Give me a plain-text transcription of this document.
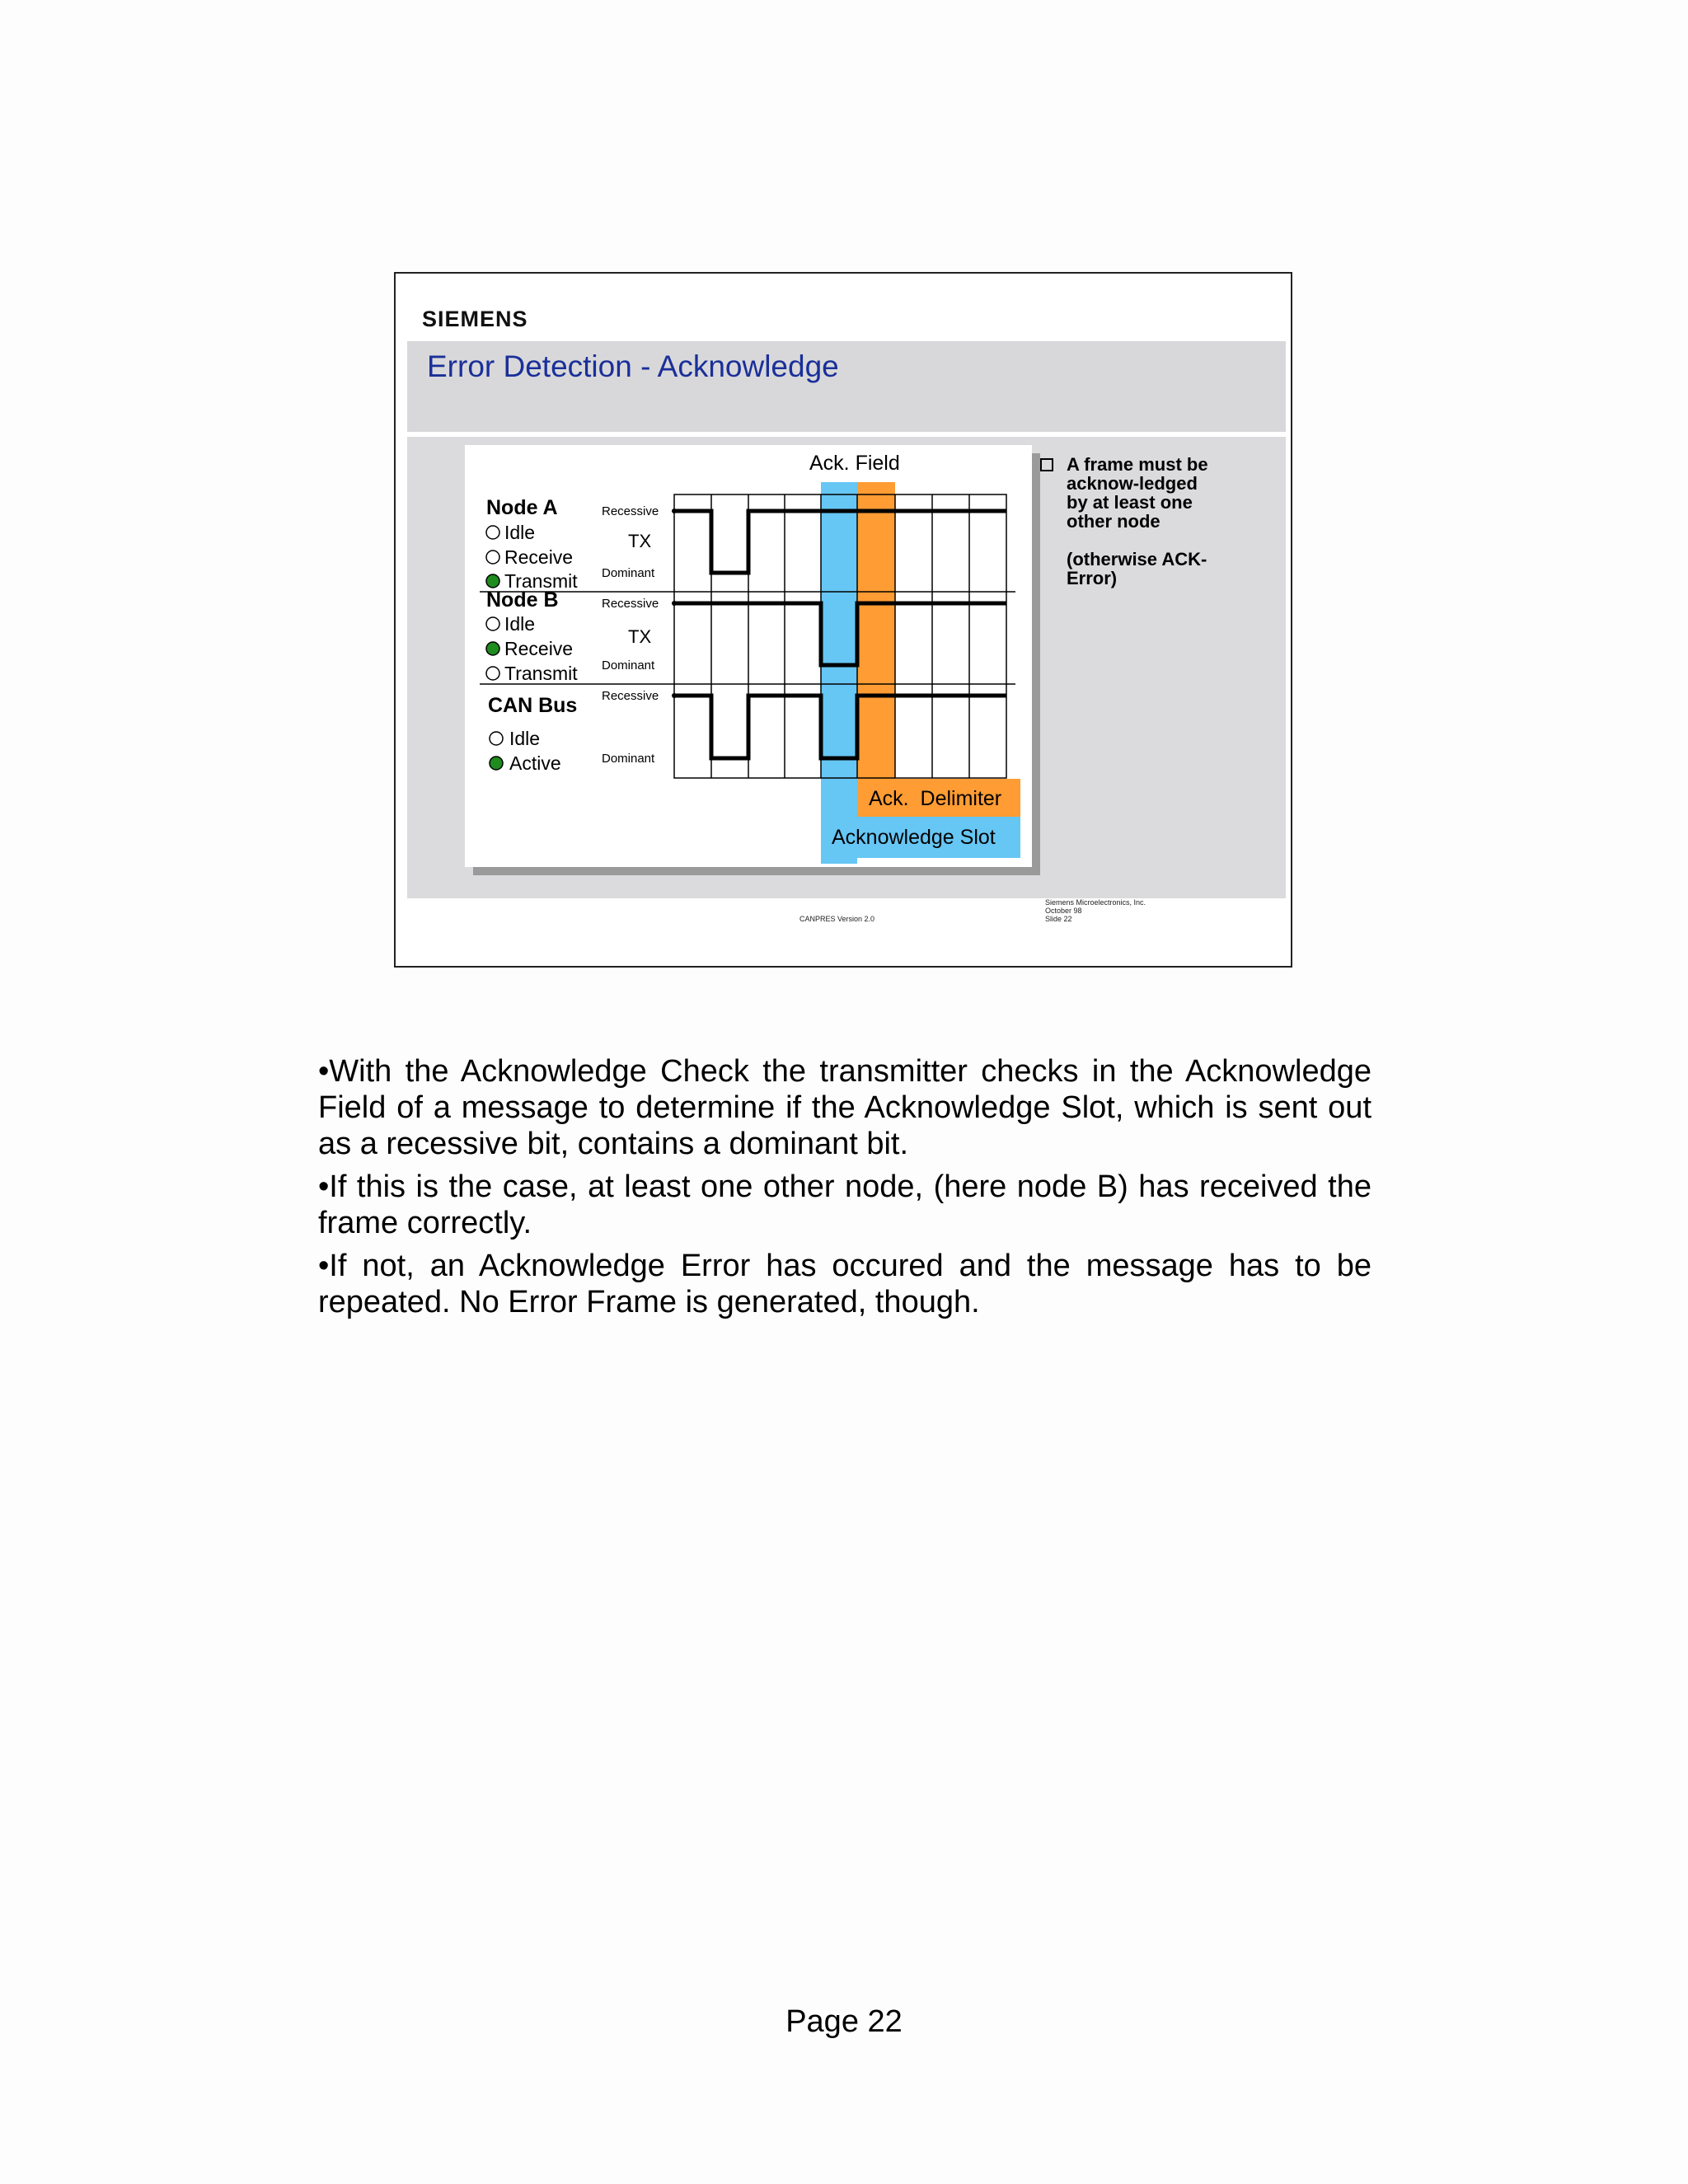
SIEMENS
Error Detection - Acknowledge
Recessive
Dominant
Recessive
Dominant
Recessive
Dominant
TX
TX
Ack. Field
Node A
Idle
Receive
Transmit
Node B
Idle
Receive
Transmit
CAN Bus
Idle
Active
Ack.  Delimiter
Acknowledge Slot

A frame must be acknow-ledged by at least one other node

(otherwise ACK-Error)

CANPRES Version 2.0
Siemens Microelectronics, Inc.
October 98
Slide 22

•With the Acknowledge Check the transmitter checks in the Acknowledge Field of a message to determine if the Acknowledge Slot, which is sent out as a recessive bit, contains a dominant bit.

•If this is the case, at least one other node, (here node B) has received the frame correctly.

•If not, an Acknowledge Error has occured and the message has to be repeated. No Error Frame is generated, though.

Page 22
